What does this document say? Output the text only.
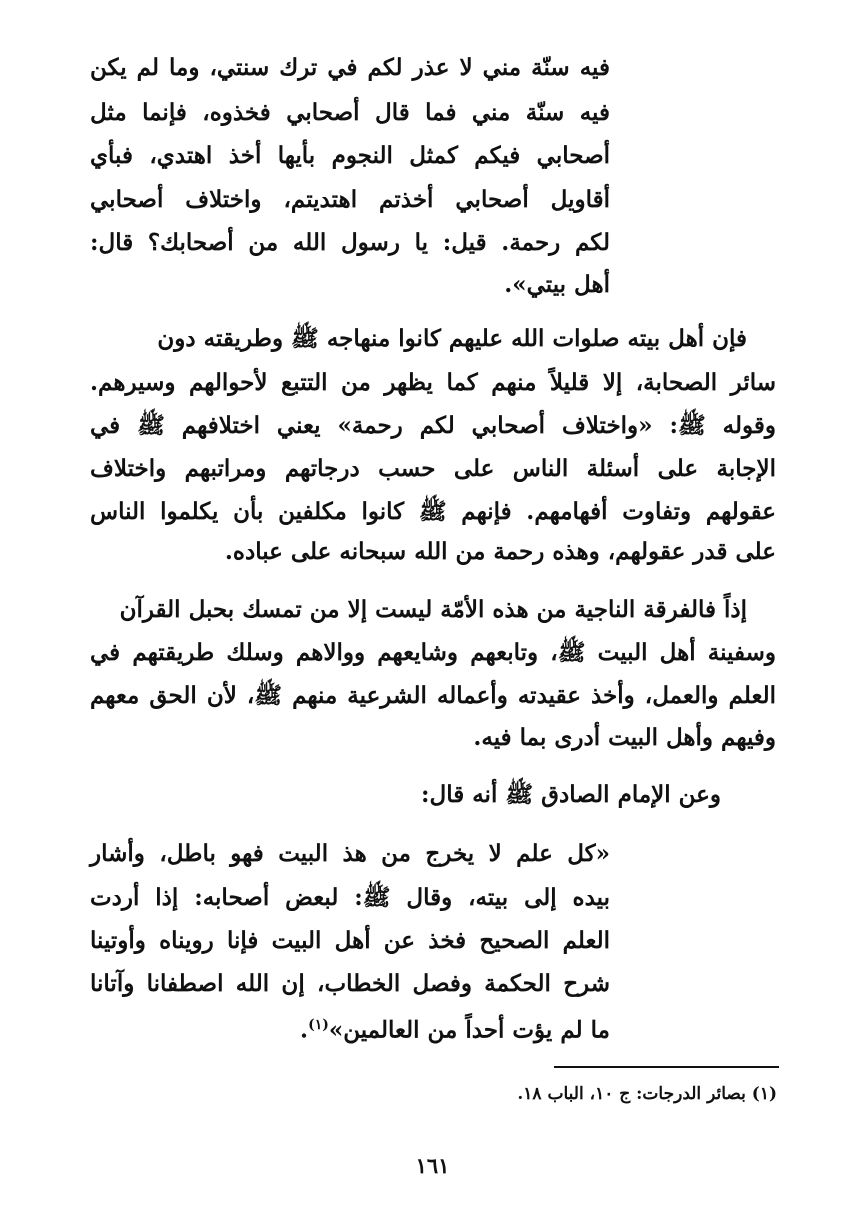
فيه سنّة مني لا عذر لكم في ترك سنتي، وما لم يكن
فيه سنّة مني فما قال أصحابي فخذوه، فإنما مثل
أصحابي فيكم كمثل النجوم بأيها أخذ اهتدي، فبأي
أقاويل أصحابي أخذتم اهتديتم، واختلاف أصحابي
لكم رحمة. قيل: يا رسول الله من أصحابك؟ قال:
أهل بيتي».
فإن أهل بيته صلوات الله عليهم كانوا منهاجه ﷺ وطريقته دون
سائر الصحابة، إلا قليلاً منهم كما يظهر من التتبع لأحوالهم وسيرهم.
وقوله ﷺ: «واختلاف أصحابي لكم رحمة» يعني اختلافهم ﷺ في
الإجابة على أسئلة الناس على حسب درجاتهم ومراتبهم واختلاف
عقولهم وتفاوت أفهامهم. فإنهم ﷺ كانوا مكلفين بأن يكلموا الناس
على قدر عقولهم، وهذه رحمة من الله سبحانه على عباده.
إذاً فالفرقة الناجية من هذه الأمّة ليست إلا من تمسك بحبل القرآن
وسفينة أهل البيت ﷺ، وتابعهم وشايعهم ووالاهم وسلك طريقتهم في
العلم والعمل، وأخذ عقيدته وأعماله الشرعية منهم ﷺ، لأن الحق معهم
وفيهم وأهل البيت أدرى بما فيه.
وعن الإمام الصادق ﷺ أنه قال:
«كل علم لا يخرج من هذ البيت فهو باطل، وأشار
بيده إلى بيته، وقال ﷺ: لبعض أصحابه: إذا أردت
العلم الصحيح فخذ عن أهل البيت فإنا رويناه وأوتينا
شرح الحكمة وفصل الخطاب، إن الله اصطفانا وآتانا
ما لم يؤت أحداً من العالمين»$^{(١)}$.
(١) بصائر الدرجات: ج ١٠، الباب ١٨.
١٦١
